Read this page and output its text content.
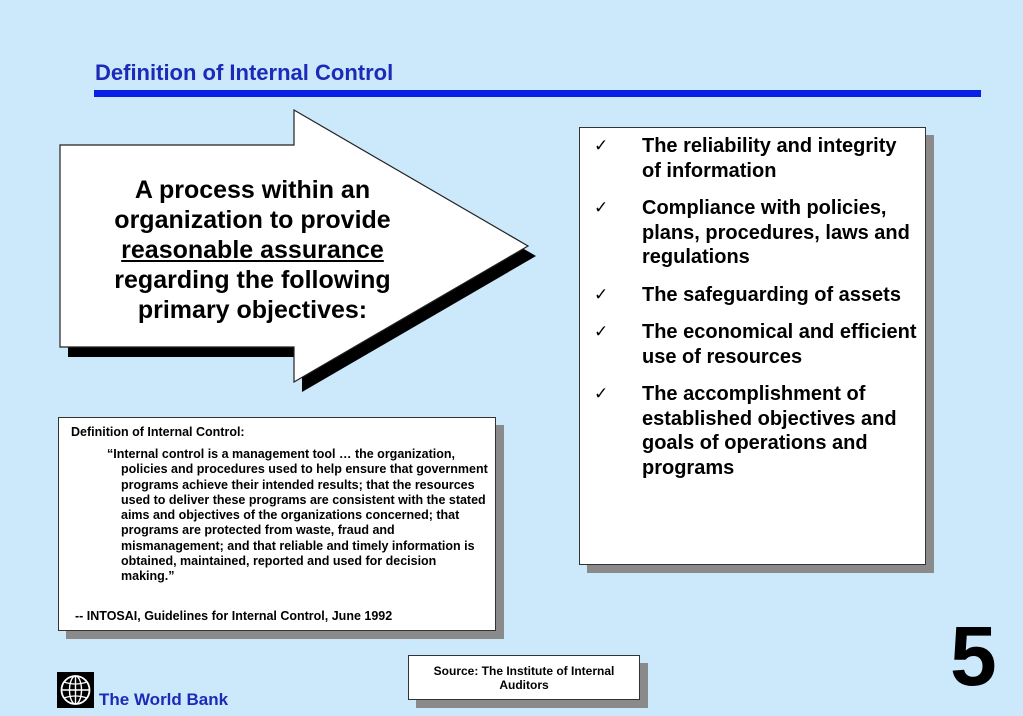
Definition of Internal Control
A process within an organization to provide
reasonable assurance
regarding the following primary objectives:
✓ The reliability and integrity of information
✓ Compliance with policies, plans, procedures, laws and regulations
✓ The safeguarding of assets
✓ The economical and efficient use of resources
✓ The accomplishment of established objectives and goals of operations and programs
Definition of Internal Control:
“Internal control is a management tool … the organization, policies and procedures used to help ensure that government programs achieve their intended results; that the resources used to deliver these programs are consistent with the stated aims and objectives of the organizations concerned; that programs are protected from waste, fraud and mismanagement; and that reliable and timely information is obtained, maintained, reported and used for decision making.”
-- INTOSAI, Guidelines for Internal Control, June 1992
Source: The Institute of Internal Auditors
The World Bank	5
